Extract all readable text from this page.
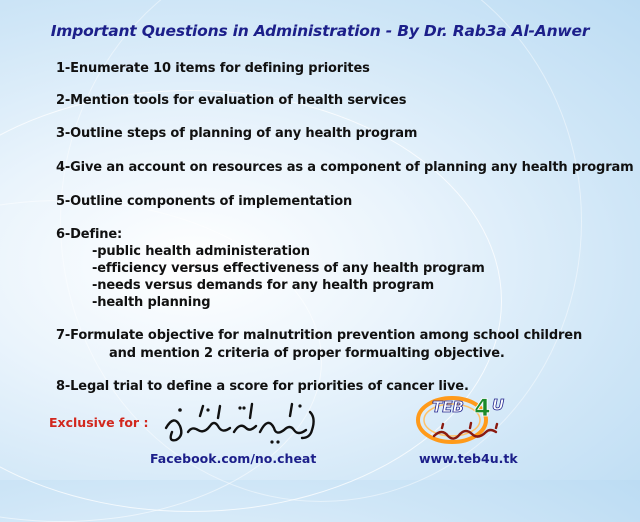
Important Questions in Administration - By Dr. Rab3a Al-Anwer
1-Enumerate 10 items for defining priorites
2-Mention tools for evaluation of health services
3-Outline steps of planning of any health program
4-Give an account on resources as a component of planning any health program
5-Outline components of implementation
6-Define:
-public health administeration
-efficiency versus effectiveness of any health program
-needs versus demands for any health program
-health planning
7-Formulate objective for malnutrition prevention among school children
and mention 2 criteria of proper formualting objective.
8-Legal trial to define a score for priorities of cancer live.
Exclusive for :
TEB 4 U
Facebook.com/no.cheat	www.teb4u.tk
